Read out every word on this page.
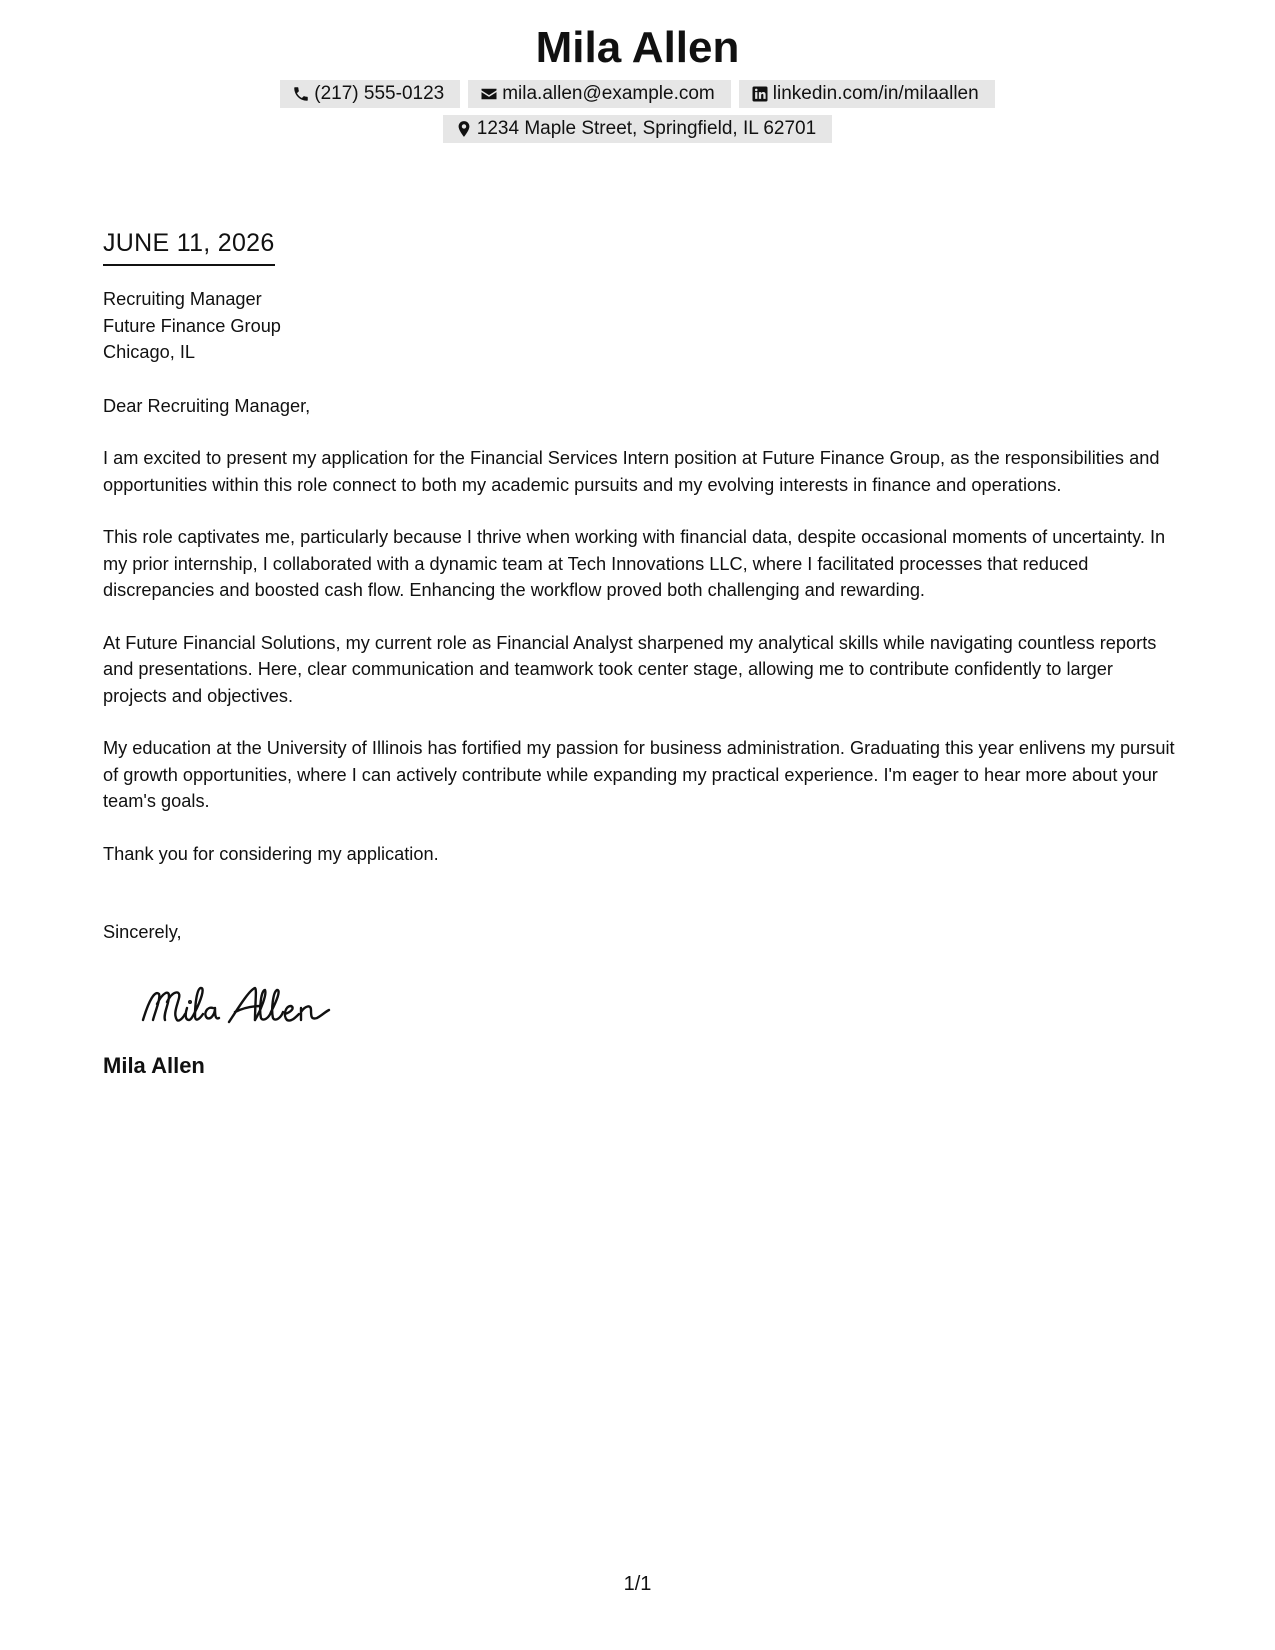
Mila Allen
(217) 555-0123	mila.allen@example.com	linkedin.com/in/milaallen
1234 Maple Street, Springfield, IL 62701
JUNE 11, 2026
Recruiting Manager
Future Finance Group
Chicago, IL
Dear Recruiting Manager,

I am excited to present my application for the Financial Services Intern position at Future Finance Group, as the responsibilities and opportunities within this role connect to both my academic pursuits and my evolving interests in finance and operations.

This role captivates me, particularly because I thrive when working with financial data, despite occasional moments of uncertainty. In my prior internship, I collaborated with a dynamic team at Tech Innovations LLC, where I facilitated processes that reduced discrepancies and boosted cash flow. Enhancing the workflow proved both challenging and rewarding.

At Future Financial Solutions, my current role as Financial Analyst sharpened my analytical skills while navigating countless reports and presentations. Here, clear communication and teamwork took center stage, allowing me to contribute confidently to larger projects and objectives.

My education at the University of Illinois has fortified my passion for business administration. Graduating this year enlivens my pursuit of growth opportunities, where I can actively contribute while expanding my practical experience. I'm eager to hear more about your team's goals.

Thank you for considering my application.
Sincerely,
Mila Allen
1/1
